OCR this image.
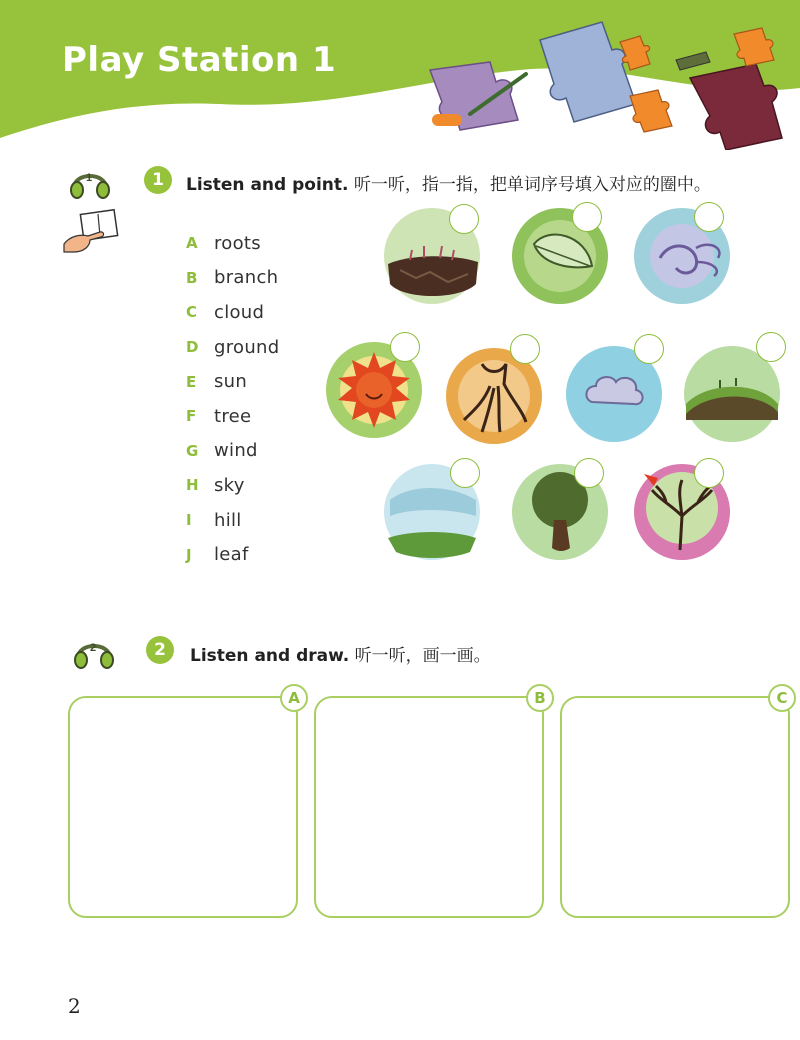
Play Station 1
1	1	Listen and point. 听一听，指一指，把单词序号填入对应的圈中。
A roots
B branch
C cloud
D ground
E sun
F tree
G wind
H sky
I	hill
J	leaf
2	2	Listen and draw. 听一听，画一画。
A	B	C
2
